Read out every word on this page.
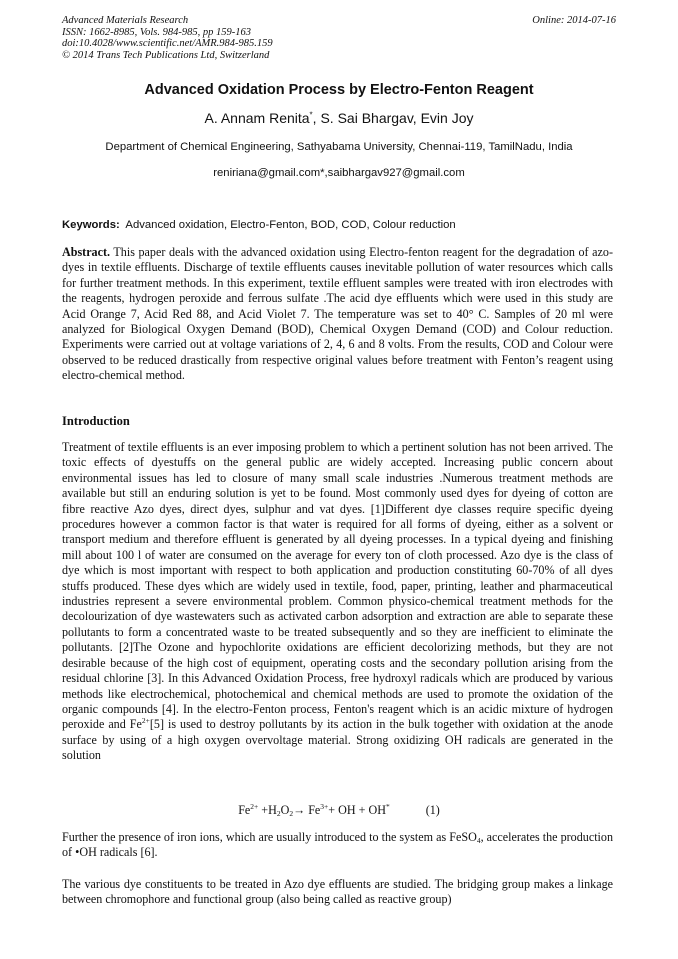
Advanced Materials Research
ISSN: 1662-8985, Vols. 984-985, pp 159-163
doi:10.4028/www.scientific.net/AMR.984-985.159
© 2014 Trans Tech Publications Ltd, Switzerland
Online: 2014-07-16
Advanced Oxidation Process by Electro-Fenton Reagent
A. Annam Renita*, S. Sai Bhargav, Evin Joy
Department of Chemical Engineering, Sathyabama University, Chennai-119, TamilNadu, India
reniriana@gmail.com*,saibhargav927@gmail.com
Keywords: Advanced oxidation, Electro-Fenton, BOD, COD, Colour reduction

Abstract. This paper deals with the advanced oxidation using Electro-fenton reagent for the degradation of azo-dyes in textile effluents. Discharge of textile effluents causes inevitable pollution of water resources which calls for further treatment methods. In this experiment, textile effluent samples were treated with iron electrodes with the reagents, hydrogen peroxide and ferrous sulfate .The acid dye effluents which were used in this study are Acid Orange 7, Acid Red 88, and Acid Violet 7. The temperature was set to 40° C. Samples of 20 ml were analyzed for Biological Oxygen Demand (BOD), Chemical Oxygen Demand (COD) and Colour reduction. Experiments were carried out at voltage variations of 2, 4, 6 and 8 volts. From the results, COD and Colour were observed to be reduced drastically from respective original values before treatment with Fenton’s reagent using electro-chemical method.

Introduction

Treatment of textile effluents is an ever imposing problem to which a pertinent solution has not been arrived. The toxic effects of dyestuffs on the general public are widely accepted. Increasing public concern about environmental issues has led to closure of many small scale industries .Numerous treatment methods are available but still an enduring solution is yet to be found. Most commonly used dyes for dyeing of cotton are fibre reactive Azo dyes, direct dyes, sulphur and vat dyes. [1]Different dye classes require specific dyeing procedures however a common factor is that water is required for all forms of dyeing, either as a solvent or transport medium and therefore effluent is generated by all dyeing processes. In a typical dyeing and finishing mill about 100 l of water are consumed on the average for every ton of cloth processed. Azo dye is the class of dye which is most important with respect to both application and production constituting 60-70% of all dyes stuffs produced. These dyes which are widely used in textile, food, paper, printing, leather and pharmaceutical industries represent a severe environmental problem. Common physico-chemical treatment methods for the decolourization of dye wastewaters such as activated carbon adsorption and extraction are able to separate these pollutants to form a concentrated waste to be treated subsequently and so they are inefficient to eliminate the pollutants. [2]The Ozone and hypochlorite oxidations are efficient decolorizing methods, but they are not desirable because of the high cost of equipment, operating costs and the secondary pollution arising from the residual chlorine [3]. In this Advanced Oxidation Process, free hydroxyl radicals which are produced by various methods like electrochemical, photochemical and chemical methods are used to promote the oxidation of the organic compounds [4]. In the electro-Fenton process, Fenton's reagent which is an acidic mixture of hydrogen peroxide and $Fe^{2+}[5]$ is used to destroy pollutants by its action in the bulk together with oxidation at the anode surface by using of a high oxygen overvoltage material. Strong oxidizing OH radicals are generated in the solution

$Fe^{2+} +H_2O_2\to Fe^{3+}+$ OH + OH*	(1)

Further the presence of iron ions, which are usually introduced to the system as FeSO$_4$, accelerates the production of •OH radicals [6].

The various dye constituents to be treated in Azo dye effluents are studied. The bridging group makes a linkage between chromophore and functional group (also being called as reactive group)
